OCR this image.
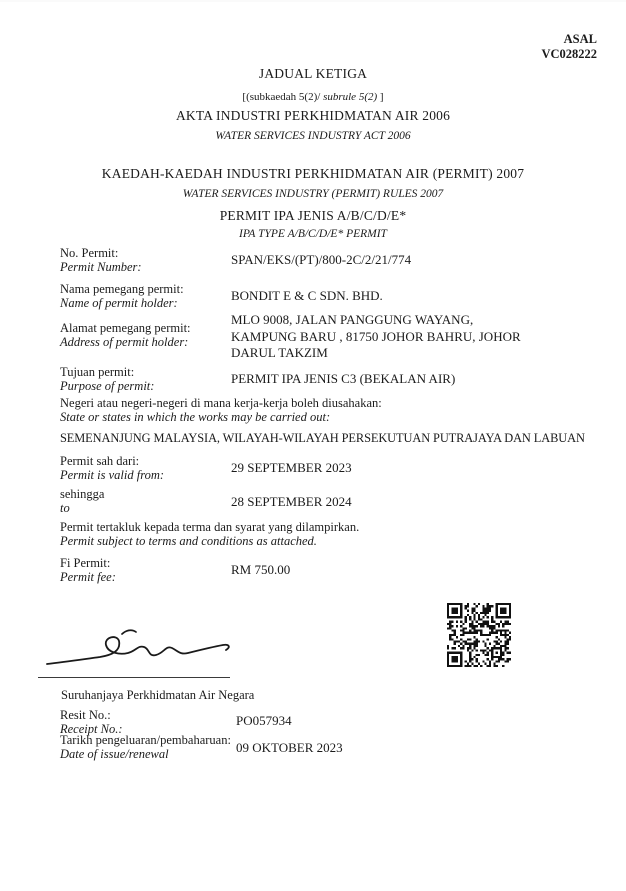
ASAL
VC028222
JADUAL KETIGA
[(subkaedah 5(2)/ subrule 5(2) ]
AKTA INDUSTRI PERKHIDMATAN AIR 2006
WATER SERVICES INDUSTRY ACT 2006
KAEDAH-KAEDAH INDUSTRI PERKHIDMATAN AIR (PERMIT) 2007
WATER SERVICES INDUSTRY (PERMIT) RULES 2007
PERMIT IPA JENIS A/B/C/D/E*
IPA TYPE A/B/C/D/E* PERMIT
No. Permit:
Permit Number:	SPAN/EKS/(PT)/800-2C/2/21/774
Nama pemegang permit:
Name of permit holder:	BONDIT E & C SDN. BHD.
Alamat pemegang permit:
Address of permit holder:
MLO 9008, JALAN PANGGUNG WAYANG,
KAMPUNG BARU , 81750 JOHOR BAHRU, JOHOR
DARUL TAKZIM
Tujuan permit:
Purpose of permit:	PERMIT IPA JENIS C3 (BEKALAN AIR)
Negeri atau negeri-negeri di mana kerja-kerja boleh diusahakan:
State or states in which the works may be carried out:
SEMENANJUNG MALAYSIA, WILAYAH-WILAYAH PERSEKUTUAN PUTRAJAYA DAN LABUAN
Permit sah dari:
Permit is valid from:	29 SEPTEMBER 2023
sehingga
to	28 SEPTEMBER 2024
Permit tertakluk kepada terma dan syarat yang dilampirkan.
Permit subject to terms and conditions as attached.
Fi Permit:
Permit fee:	RM 750.00
Suruhanjaya Perkhidmatan Air Negara
Resit No.:
Receipt No.:
PO057934
Tarikh pengeluaran/pembaharuan:
Date of issue/renewal	09 OKTOBER 2023
